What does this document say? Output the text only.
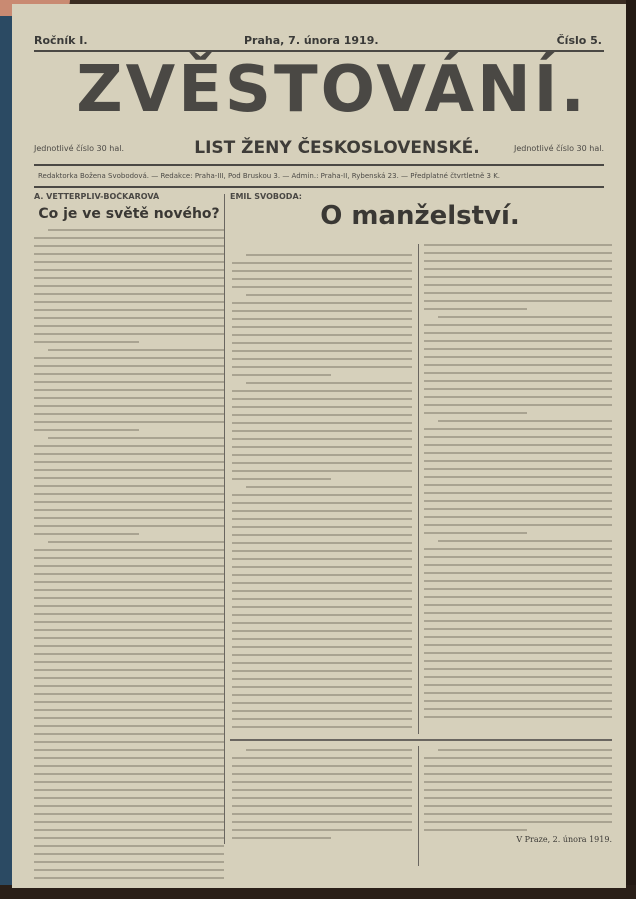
Ročník I.	Praha, 7. února 1919.	Číslo 5.
ZVĚSTOVÁNÍ.
Jednotlivé číslo 30 hal.	LIST ŽENY ČESKOSLOVENSKÉ.	Jednotlivé číslo 30 hal.
Redaktorka Božena Svobodová. — Redakce: Praha-III, Pod Bruskou 3. — Admin.: Praha-II, Rybenská 23. — Předplatné čtvrtletně 3 K.
A. VETTERPLIV-BOČKAROVÁ
Co je ve světě nového?
EMIL SVOBODA:
O manželství.
V Praze, 2. února 1919.
